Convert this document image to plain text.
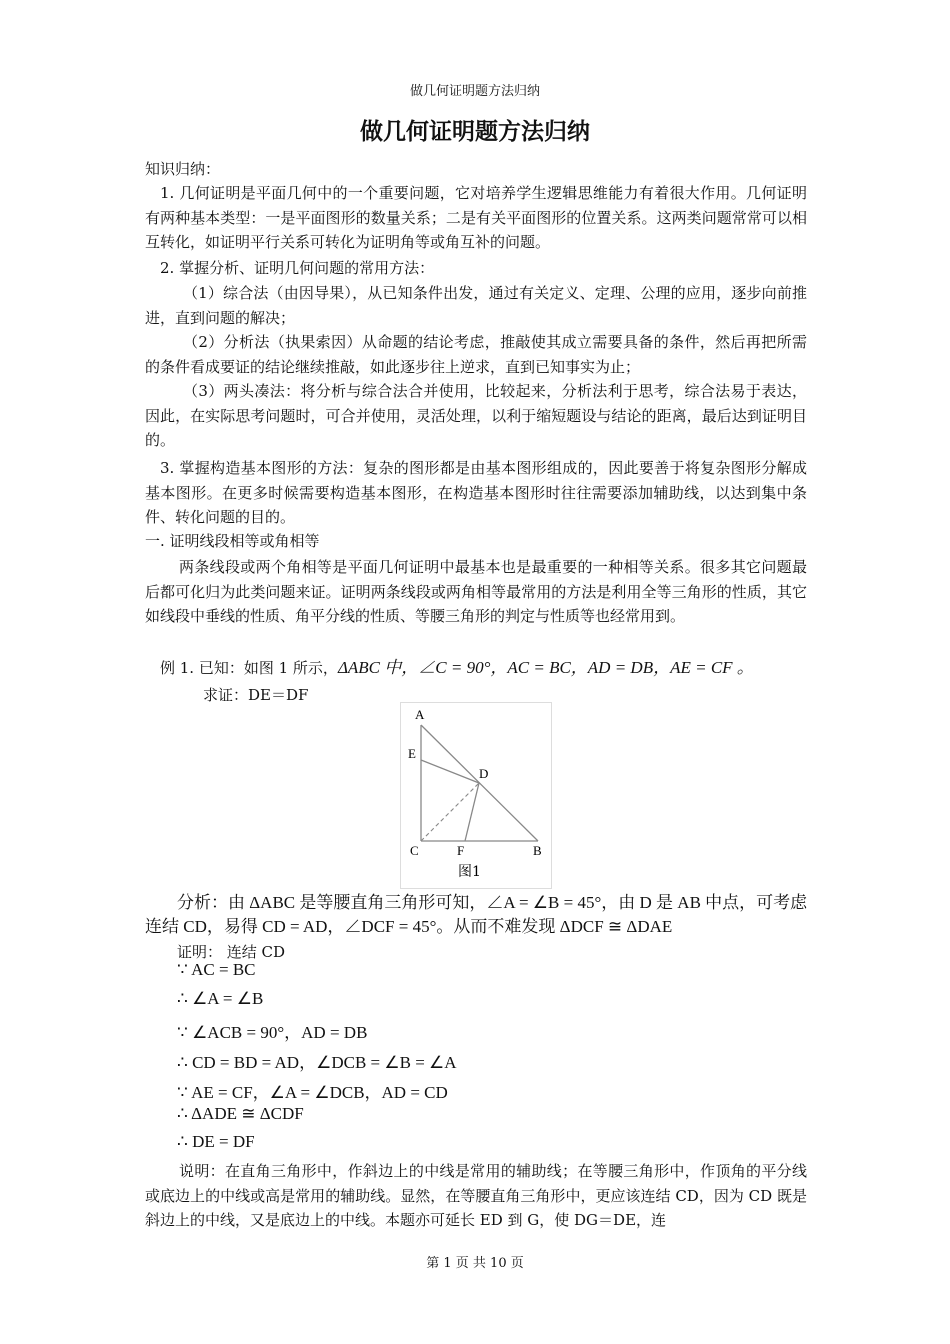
做几何证明题方法归纳
做几何证明题方法归纳
知识归纳：
1. 几何证明是平面几何中的一个重要问题，它对培养学生逻辑思维能力有着很大作用。几何证明有两种基本类型：一是平面图形的数量关系；二是有关平面图形的位置关系。这两类问题常常可以相互转化，如证明平行关系可转化为证明角等或角互补的问题。
2. 掌握分析、证明几何问题的常用方法：
（1）综合法（由因导果），从已知条件出发，通过有关定义、定理、公理的应用，逐步向前推进，直到问题的解决；
（2）分析法（执果索因）从命题的结论考虑，推敲使其成立需要具备的条件，然后再把所需的条件看成要证的结论继续推敲，如此逐步往上逆求，直到已知事实为止；
（3）两头凑法：将分析与综合法合并使用，比较起来，分析法利于思考，综合法易于表达，因此，在实际思考问题时，可合并使用，灵活处理，以利于缩短题设与结论的距离，最后达到证明目的。
3. 掌握构造基本图形的方法：复杂的图形都是由基本图形组成的，因此要善于将复杂图形分解成基本图形。在更多时候需要构造基本图形，在构造基本图形时往往需要添加辅助线，以达到集中条件、转化问题的目的。
一. 证明线段相等或角相等
两条线段或两个角相等是平面几何证明中最基本也是最重要的一种相等关系。很多其它问题最后都可化归为此类问题来证。证明两条线段或两角相等最常用的方法是利用全等三角形的性质，其它如线段中垂线的性质、角平分线的性质、等腰三角形的判定与性质等也经常用到。
例 1. 已知：如图 1 所示，ΔABC 中，∠C = 90°，AC = BC，AD = DB，AE = CF 。
求证：DE＝DF
A
E
D
C	F	B
图1
分析：由 ΔABC 是等腰直角三角形可知，∠A = ∠B = 45°，由 D 是 AB 中点，可考虑
连结 CD，易得 CD = AD，∠DCF = 45°。从而不难发现 ΔDCF ≅ ΔDAE
证明： 连结 CD
∵ AC = BC
∴ ∠A = ∠B
∵ ∠ACB = 90°，AD = DB
∴ CD = BD = AD，∠DCB = ∠B = ∠A
∵ AE = CF，∠A = ∠DCB，AD = CD
∴ ΔADE ≅ ΔCDF
∴ DE = DF
说明：在直角三角形中，作斜边上的中线是常用的辅助线；在等腰三角形中，作顶角的平分线或底边上的中线或高是常用的辅助线。显然，在等腰直角三角形中，更应该连结 CD，因为 CD 既是斜边上的中线，又是底边上的中线。本题亦可延长 ED 到 G，使 DG＝DE，连
第 1 页 共 10 页
